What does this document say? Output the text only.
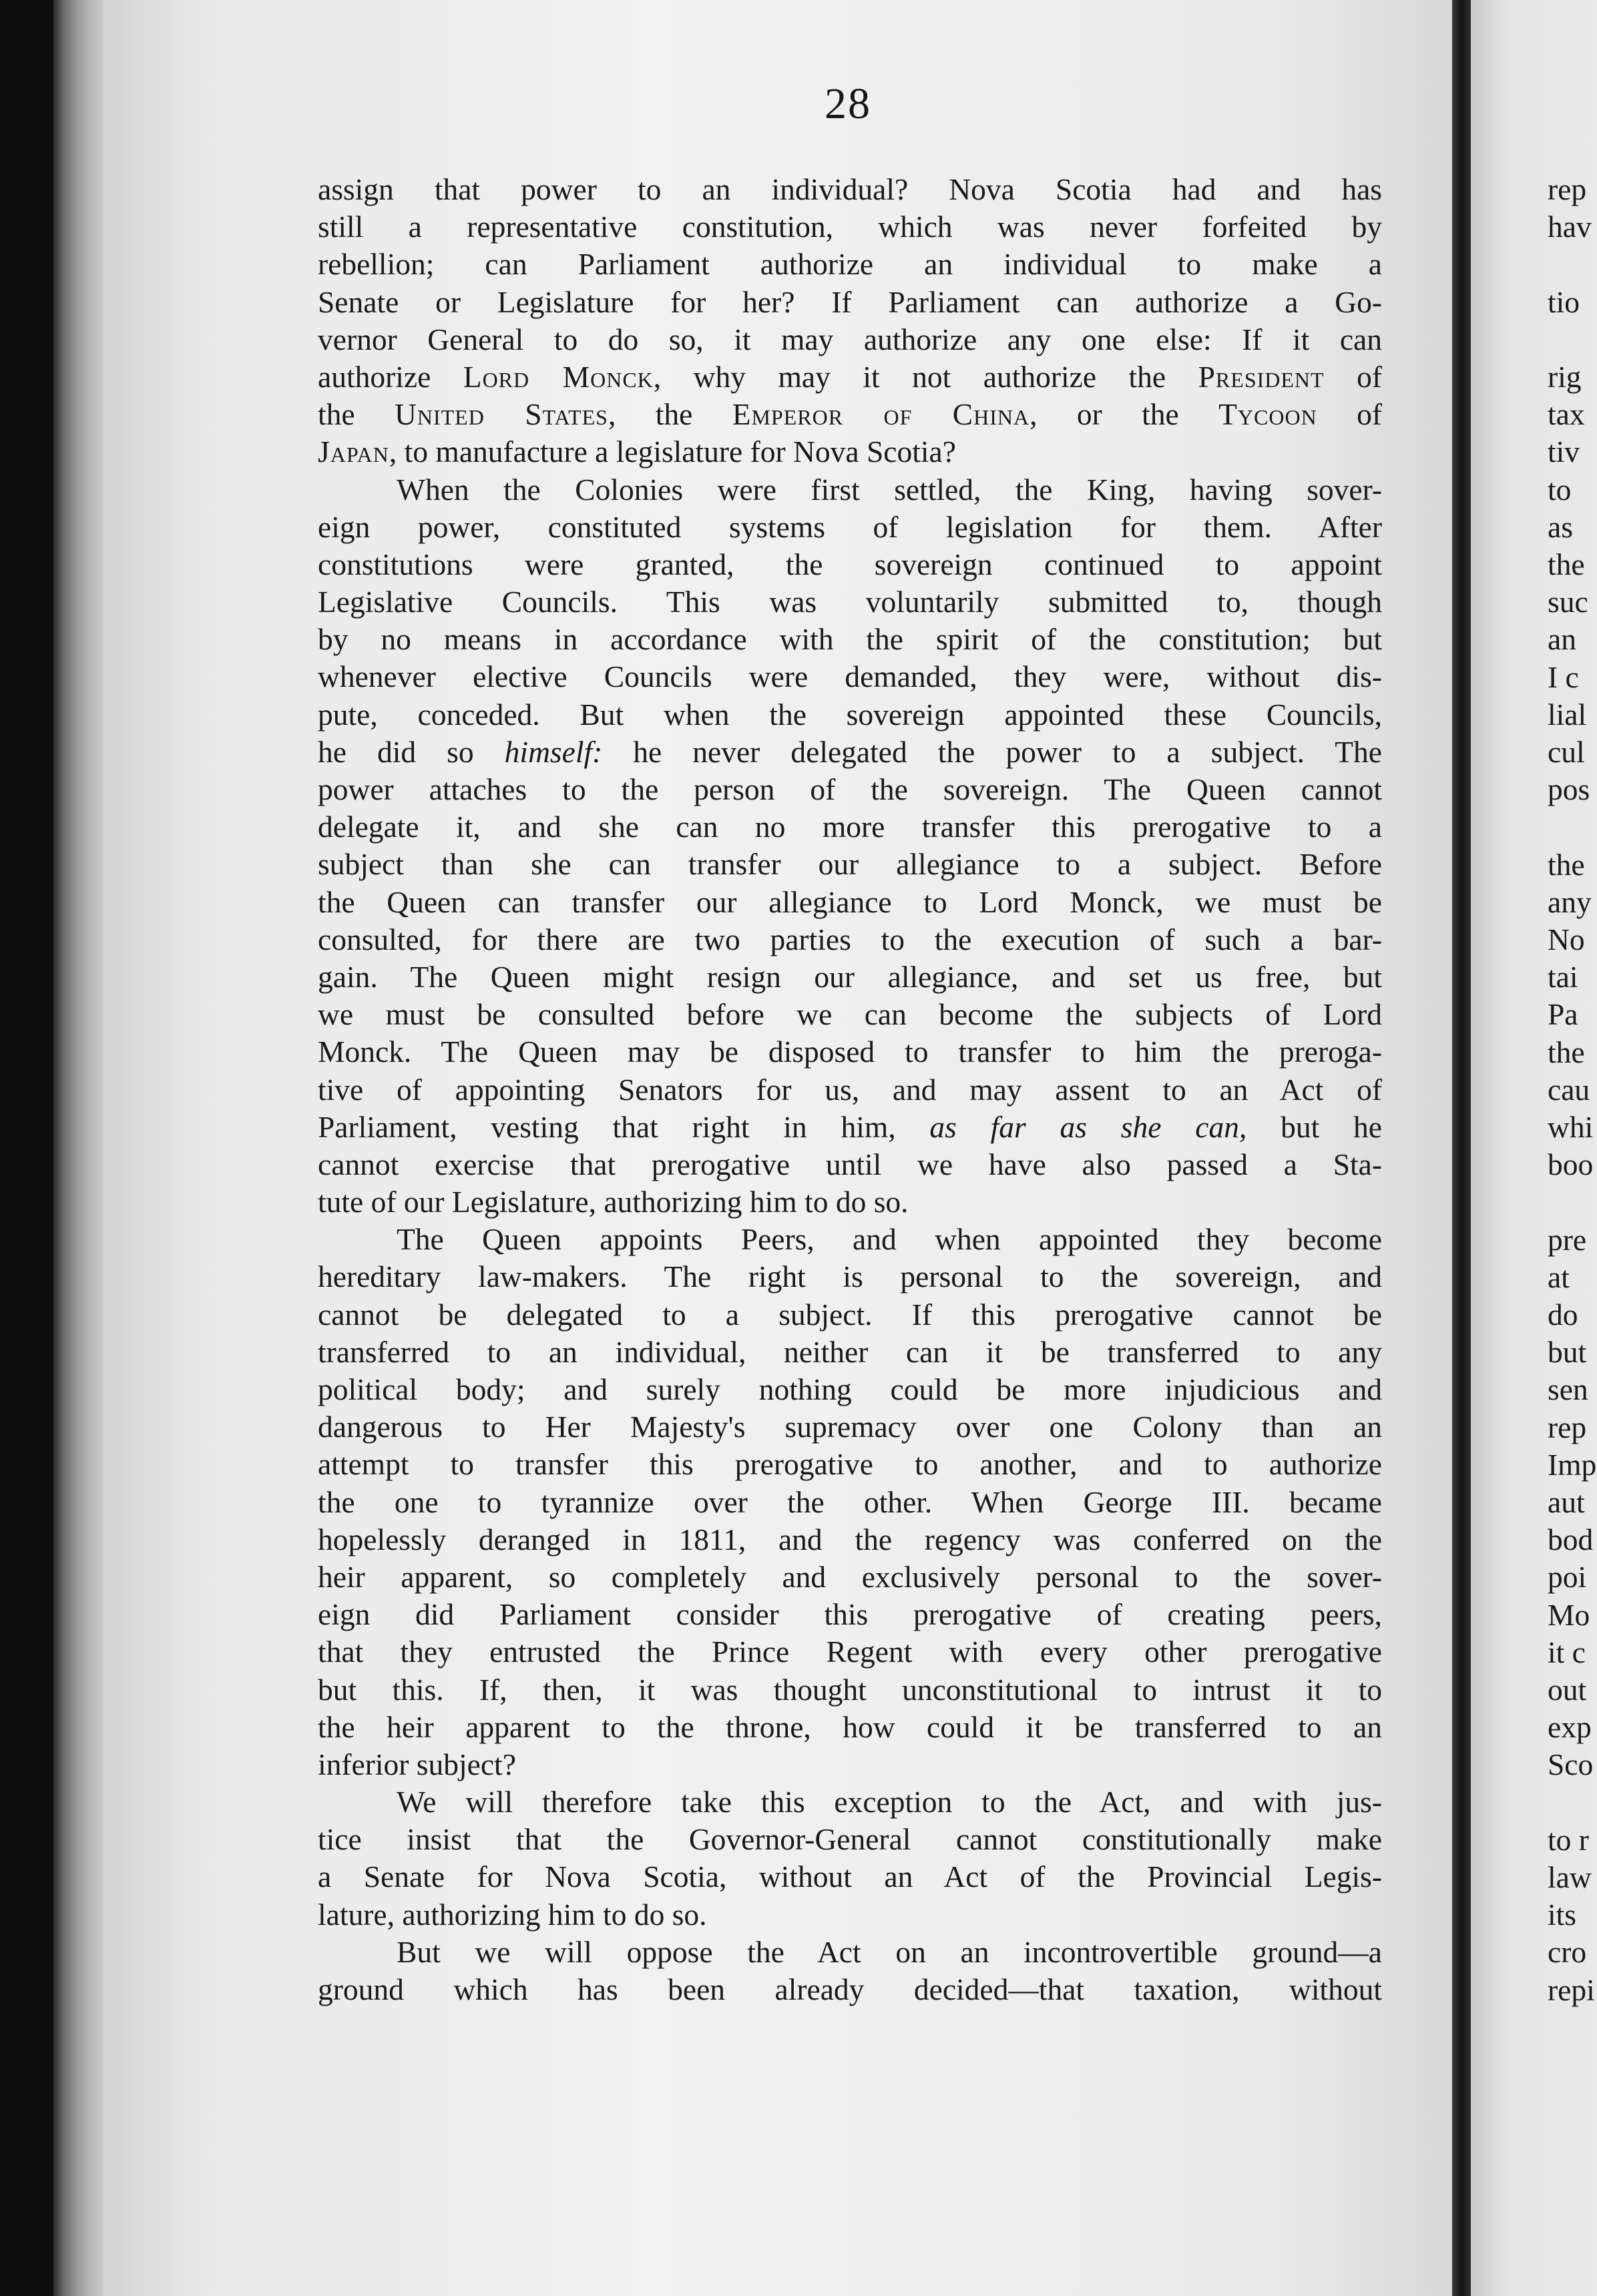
28
assign that power to an individual? Nova Scotia had and has
still a representative constitution, which was never forfeited by
rebellion; can Parliament authorize an individual to make a
Senate or Legislature for her? If Parliament can authorize a Go-
vernor General to do so, it may authorize any one else: If it can
authorize Lord Monck, why may it not authorize the President of
the United States, the Emperor of China, or the Tycoon of
Japan, to manufacture a legislature for Nova Scotia?
When the Colonies were first settled, the King, having sover-
eign power, constituted systems of legislation for them. After
constitutions were granted, the sovereign continued to appoint
Legislative Councils. This was voluntarily submitted to, though
by no means in accordance with the spirit of the constitution; but
whenever elective Councils were demanded, they were, without dis-
pute, conceded. But when the sovereign appointed these Councils,
he did so himself: he never delegated the power to a subject. The
power attaches to the person of the sovereign. The Queen cannot
delegate it, and she can no more transfer this prerogative to a
subject than she can transfer our allegiance to a subject. Before
the Queen can transfer our allegiance to Lord Monck, we must be
consulted, for there are two parties to the execution of such a bar-
gain. The Queen might resign our allegiance, and set us free, but
we must be consulted before we can become the subjects of Lord
Monck. The Queen may be disposed to transfer to him the preroga-
tive of appointing Senators for us, and may assent to an Act of
Parliament, vesting that right in him, as far as she can, but he
cannot exercise that prerogative until we have also passed a Sta-
tute of our Legislature, authorizing him to do so.
The Queen appoints Peers, and when appointed they become
hereditary law-makers. The right is personal to the sovereign, and
cannot be delegated to a subject. If this prerogative cannot be
transferred to an individual, neither can it be transferred to any
political body; and surely nothing could be more injudicious and
dangerous to Her Majesty's supremacy over one Colony than an
attempt to transfer this prerogative to another, and to authorize
the one to tyrannize over the other. When George III. became
hopelessly deranged in 1811, and the regency was conferred on the
heir apparent, so completely and exclusively personal to the sover-
eign did Parliament consider this prerogative of creating peers,
that they entrusted the Prince Regent with every other prerogative
but this. If, then, it was thought unconstitutional to intrust it to
the heir apparent to the throne, how could it be transferred to an
inferior subject?
We will therefore take this exception to the Act, and with jus-
tice insist that the Governor-General cannot constitutionally make
a Senate for Nova Scotia, without an Act of the Provincial Legis-
lature, authorizing him to do so.
But we will oppose the Act on an incontrovertible ground—a
ground which has been already decided—that taxation, without
rep
hav
tio
rig
tax
tiv
to
as
the
suc
an
I c
lial
cul
pos
the
any
No
tai
Pa
the
cau
whi
boo
pre
at
do
but
sen
rep
Imp
aut
bod
poi
Mo
it c
out
exp
Sco
to r
law
its
cro
repi
